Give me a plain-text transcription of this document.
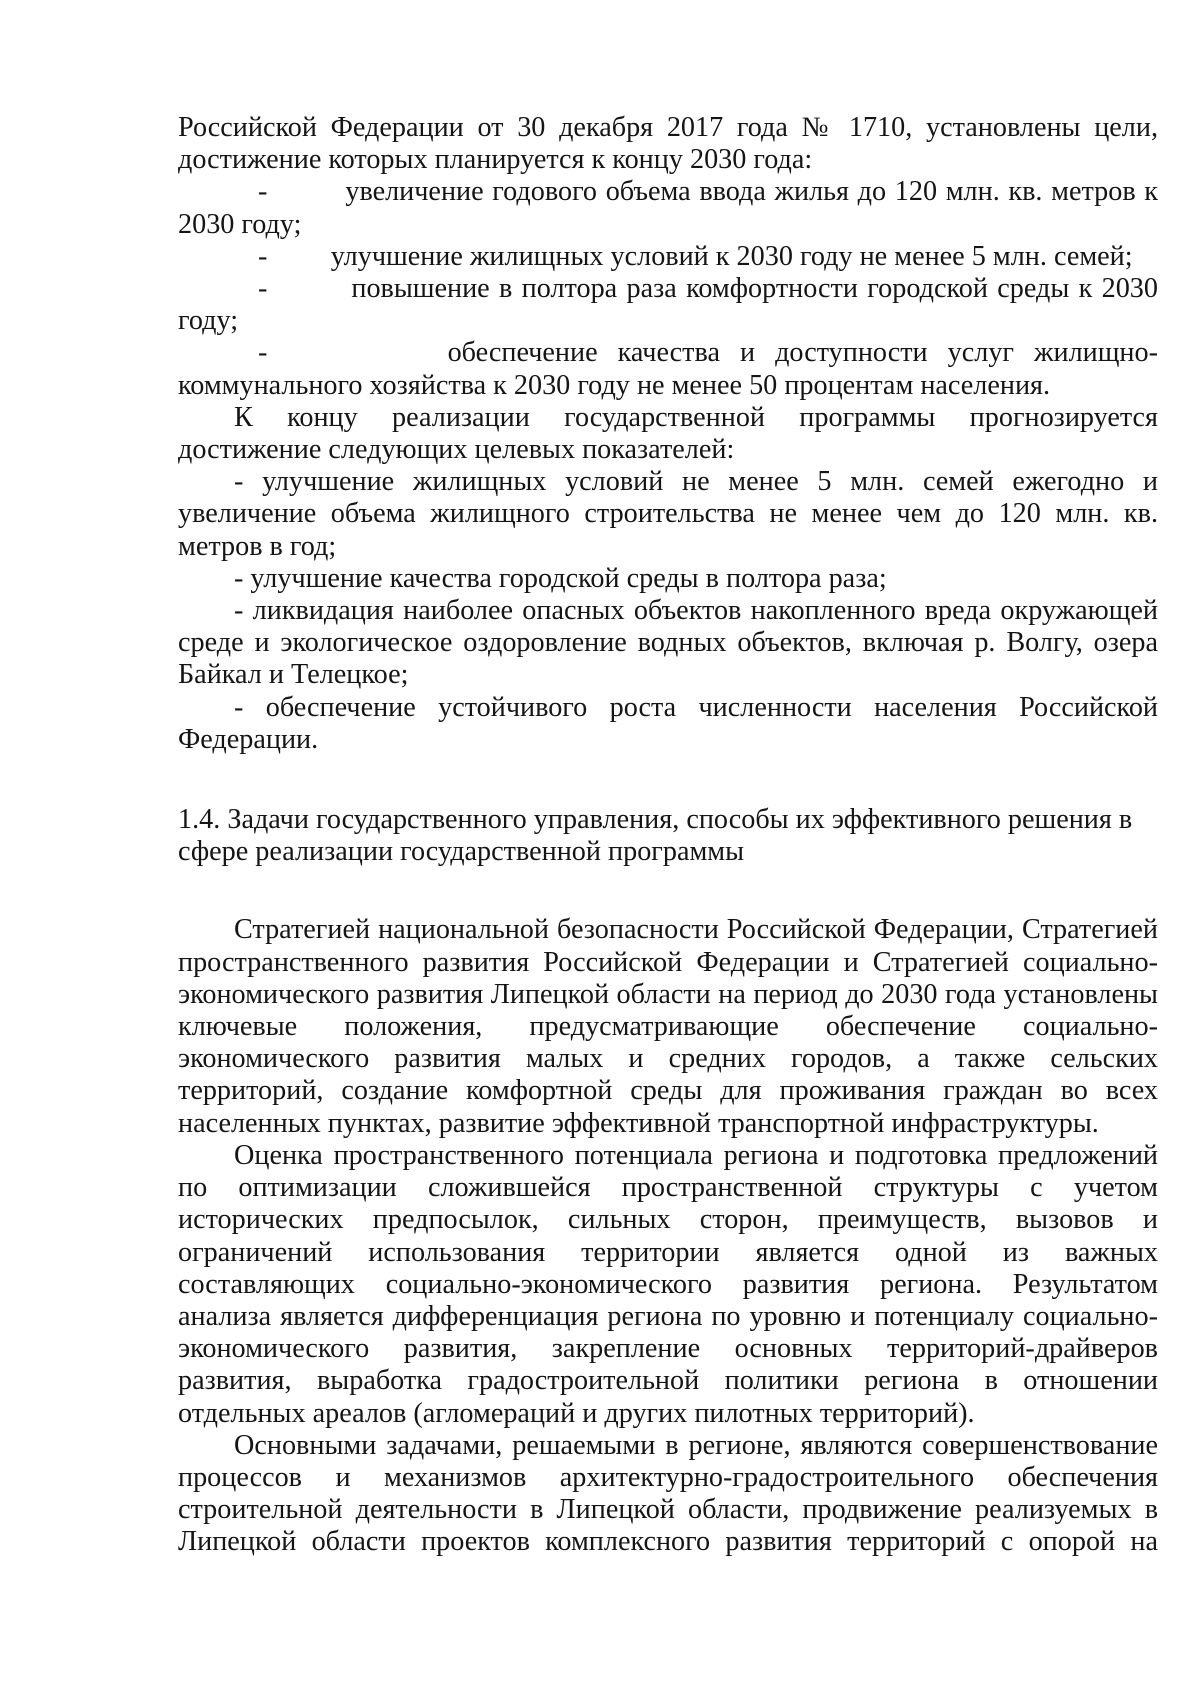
Российской Федерации от 30 декабря 2017 года № 1710, установлены цели, достижение которых планируется к концу 2030 года:

-         увеличение годового объема ввода жилья до 120 млн. кв. метров к 2030 году;

-         улучшение жилищных условий к 2030 году не менее 5 млн. семей;

-         повышение в полтора раза комфортности городской среды к 2030 году;

-         обеспечение качества и доступности услуг жилищно-коммунального хозяйства к 2030 году не менее 50 процентам населения.

К концу реализации государственной программы прогнозируется достижение следующих целевых показателей:

- улучшение жилищных условий не менее 5 млн. семей ежегодно и увеличение объема жилищного строительства не менее чем до 120 млн. кв. метров в год;

- улучшение качества городской среды в полтора раза;

- ликвидация наиболее опасных объектов накопленного вреда окружающей среде и экологическое оздоровление водных объектов, включая р. Волгу, озера Байкал и Телецкое;

- обеспечение устойчивого роста численности населения Российской Федерации.

1.4. Задачи государственного управления, способы их эффективного решения в
сфере реализации государственной программы

Стратегией национальной безопасности Российской Федерации, Стратегией пространственного развития Российской Федерации и Стратегией социально-экономического развития Липецкой области на период до 2030 года установлены ключевые положения, предусматривающие обеспечение социально-экономического развития малых и средних городов, а также сельских территорий, создание комфортной среды для проживания граждан во всех населенных пунктах, развитие эффективной транспортной инфраструктуры.

Оценка пространственного потенциала региона и подготовка предложений по оптимизации сложившейся пространственной структуры с учетом исторических предпосылок, сильных сторон, преимуществ, вызовов и ограничений использования территории является одной из важных составляющих социально-экономического развития региона. Результатом анализа является дифференциация региона по уровню и потенциалу социально-экономического развития, закрепление основных территорий-драйверов развития, выработка градостроительной политики региона в отношении отдельных ареалов (агломераций и других пилотных территорий).

Основными задачами, решаемыми в регионе, являются совершенствование процессов и механизмов архитектурно-градостроительного обеспечения строительной деятельности в Липецкой области, продвижение реализуемых в Липецкой области проектов комплексного развития территорий с опорой на
